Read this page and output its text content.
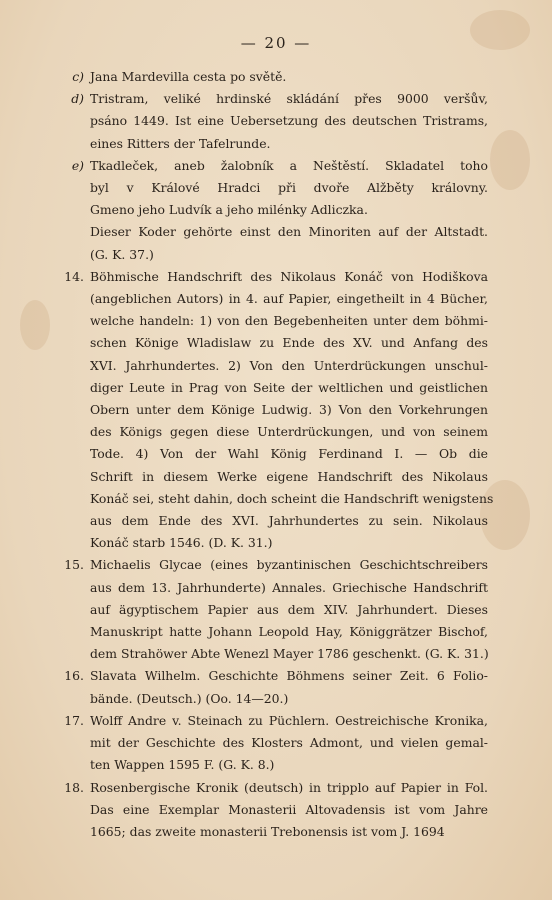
— 20 —
c) Jana Mardevilla cesta po světě.
d) Tristram, veliké hrdinské skládání přes 9000 veršův,
psáno 1449. Ist eine Uebersetzung des deutschen Tristrams,
eines Ritters der Tafelrunde.
e) Tkadleček, aneb žalobník a Neštěstí. Skladatel toho
byl v Králové Hradci při dvoře Alžběty královny.
Gmeno jeho Ludvík a jeho milénky Adliczka.
Dieser Koder gehörte einst den Minoriten auf der Altstadt.
(G. K. 37.)
14. Böhmische Handschrift des Nikolaus Konáč von Hodiškova
(angeblichen Autors) in 4. auf Papier, eingetheilt in 4 Bücher,
welche handeln: 1) von den Begebenheiten unter dem böhmi-
schen Könige Wladislaw zu Ende des XV. und Anfang des
XVI. Jahrhundertes. 2) Von den Unterdrückungen unschul-
diger Leute in Prag von Seite der weltlichen und geistlichen
Obern unter dem Könige Ludwig. 3) Von den Vorkehrungen
des Königs gegen diese Unterdrückungen, und von seinem
Tode. 4) Von der Wahl König Ferdinand I. — Ob die
Schrift in diesem Werke eigene Handschrift des Nikolaus
Konáč sei, steht dahin, doch scheint die Handschrift wenigstens
aus dem Ende des XVI. Jahrhundertes zu sein. Nikolaus
Konáč starb 1546. (D. K. 31.)
15. Michaelis Glycae (eines byzantinischen Geschichtschreibers
aus dem 13. Jahrhunderte) Annales. Griechische Handschrift
auf ägyptischem Papier aus dem XIV. Jahrhundert. Dieses
Manuskript hatte Johann Leopold Hay, Königgrätzer Bischof,
dem Strahöwer Abte Wenezl Mayer 1786 geschenkt. (G. K. 31.)
16. Slavata Wilhelm. Geschichte Böhmens seiner Zeit. 6 Folio-
bände. (Deutsch.) (Oo. 14—20.)
17. Wolff Andre v. Steinach zu Püchlern. Oestreichische Kronika,
mit der Geschichte des Klosters Admont, und vielen gemal-
ten Wappen 1595 F. (G. K. 8.)
18. Rosenbergische Kronik (deutsch) in tripplo auf Papier in Fol.
Das eine Exemplar Monasterii Altovadensis ist vom Jahre
1665; das zweite monasterii Trebonensis ist vom J. 1694
